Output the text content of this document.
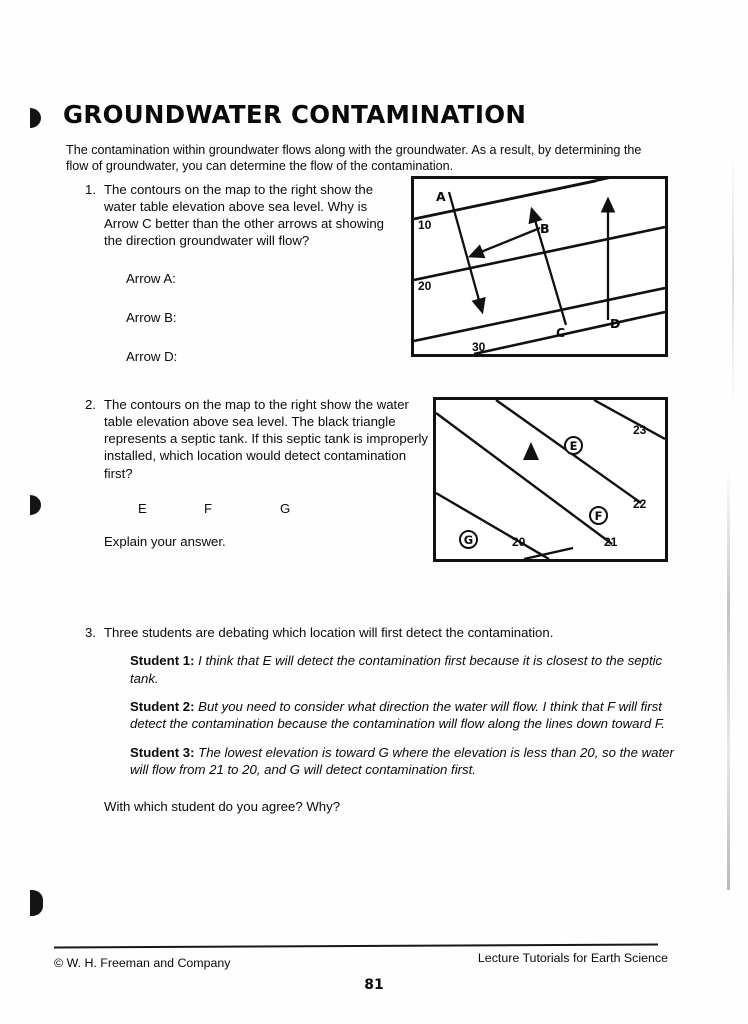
GROUNDWATER CONTAMINATION

The contamination within groundwater flows along with the groundwater. As a result, by determining the flow of groundwater, you can determine the flow of the contamination.

1. The contours on the map to the right show the water table elevation above sea level. Why is Arrow C better than the other arrows at showing the direction groundwater will flow?
Arrow A:
Arrow B:
Arrow D:
A
B
C
D
10
20
30
2. The contours on the map to the right show the water table elevation above sea level. The black triangle represents a septic tank. If this septic tank is improperly installed, which location would detect contamination first?
E	F	G
Explain your answer.
E
F
G
23
22
21
20
3. Three students are debating which location will first detect the contamination.
Student 1: I think that E will detect the contamination first because it is closest to the septic tank.
Student 2: But you need to consider what direction the water will flow. I think that F will first detect the contamination because the contamination will flow along the lines down toward F.
Student 3: The lowest elevation is toward G where the elevation is less than 20, so the water will flow from 21 to 20, and G will detect contamination first.
With which student do you agree? Why?
© W. H. Freeman and Company	Lecture Tutorials for Earth Science
81
